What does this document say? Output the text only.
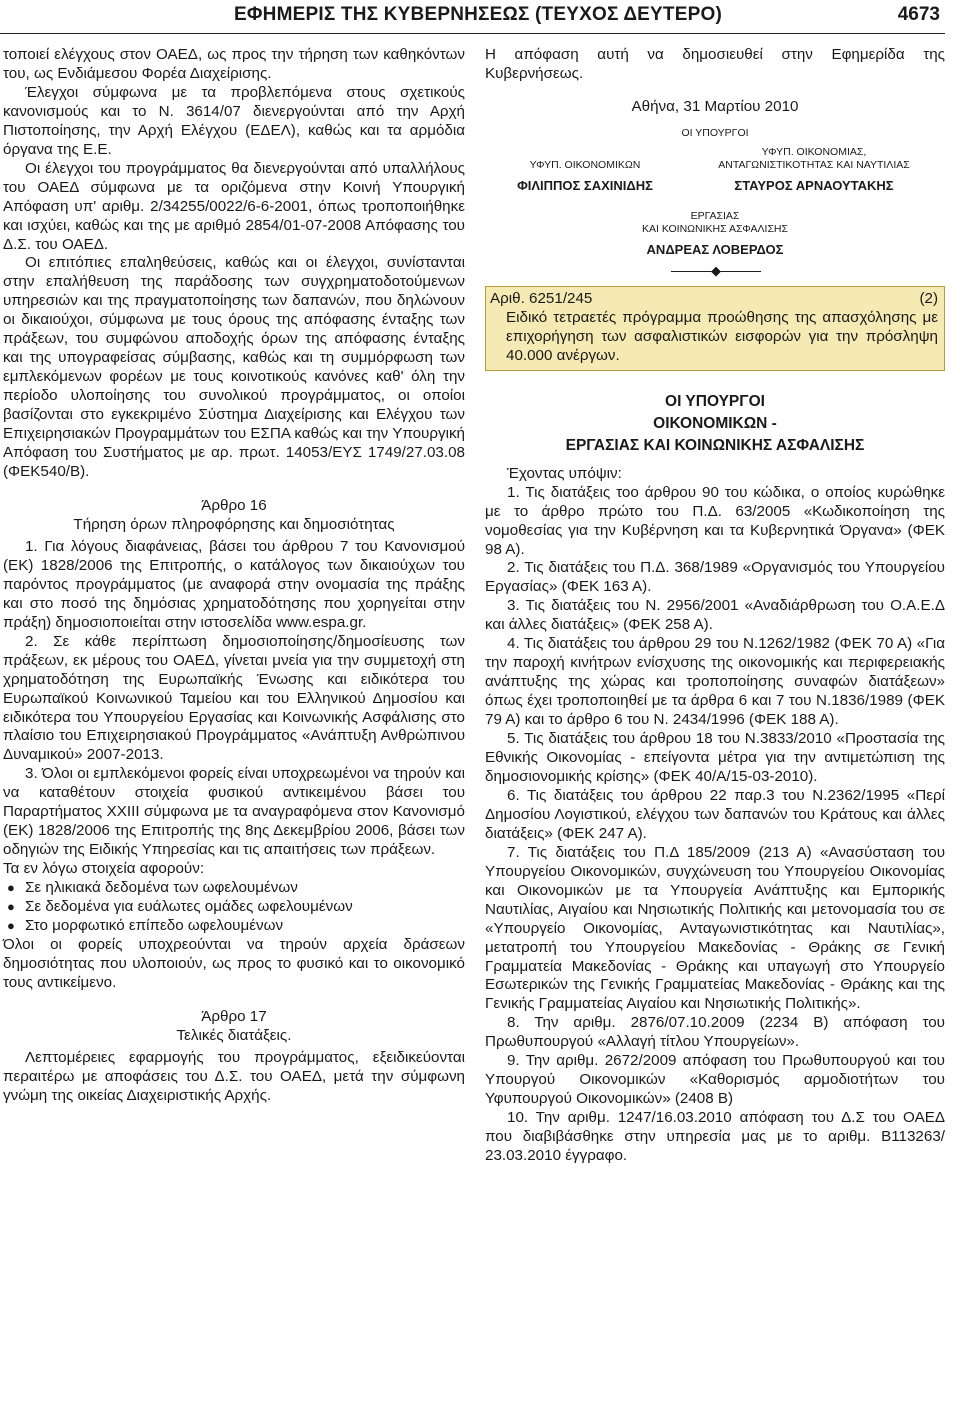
ΕΦΗΜΕΡΙΣ ΤΗΣ ΚΥΒΕΡΝΗΣΕΩΣ (ΤΕΥΧΟΣ ΔΕΥΤΕΡΟ)	4673

τοποιεί ελέγχους στον ΟΑΕΔ, ως προς την τήρηση των καθηκόντων του, ως Ενδιάμεσου Φορέα Διαχείρισης.

Έλεγχοι σύμφωνα με τα προβλεπόμενα στους σχετικούς κανονισμούς και το Ν. 3614/07 διενεργούνται από την Αρχή Πιστοποίησης, την Αρχή Ελέγχου (ΕΔΕΛ), καθώς και τα αρμόδια όργανα της Ε.Ε.

Οι έλεγχοι του προγράμματος θα διενεργούνται από υπαλλήλους του ΟΑΕΔ σύμφωνα με τα οριζόμενα στην Κοινή Υπουργική Απόφαση υπ' αριθμ. 2/34255/0022/6-6-2001, όπως τροποποιήθηκε και ισχύει, καθώς και της με αριθμό 2854/01-07-2008 Απόφασης του Δ.Σ. του ΟΑΕΔ.

Οι επιτόπιες επαληθεύσεις, καθώς και οι έλεγχοι, συνίστανται στην επαλήθευση της παράδοσης των συγχρηματοδοτούμενων υπηρεσιών και της πραγματοποίησης των δαπανών, που δηλώνουν οι δικαιούχοι, σύμφωνα με τους όρους της απόφασης ένταξης των πράξεων, του συμφώνου αποδοχής όρων της απόφασης ένταξης και της υπογραφείσας σύμβασης, καθώς και τη συμμόρφωση των εμπλεκόμενων φορέων με τους κοινοτικούς κανόνες καθ' όλη την περίοδο υλοποίησης του συνολικού προγράμματος, οι οποίοι βασίζονται στο εγκεκριμένο Σύστημα Διαχείρισης και Ελέγχου των Επιχειρησιακών Προγραμμάτων του ΕΣΠΑ καθώς και την Υπουργική Απόφαση του Συστήματος με αρ. πρωτ. 14053/ΕΥΣ 1749/27.03.08 (ΦΕΚ540/Β).

Άρθρο 16
Τήρηση όρων πληροφόρησης και δημοσιότητας

1. Για λόγους διαφάνειας, βάσει του άρθρου 7 του Κανονισμού (ΕΚ) 1828/2006 της Επιτροπής, ο κατάλογος των δικαιούχων του παρόντος προγράμματος (με αναφορά στην ονομασία της πράξης και στο ποσό της δημόσιας χρηματοδότησης που χορηγείται στην πράξη) δημοσιοποιείται στην ιστοσελίδα www.espa.gr.

2. Σε κάθε περίπτωση δημοσιοποίησης/δημοσίευσης των πράξεων, εκ μέρους του ΟΑΕΔ, γίνεται μνεία για την συμμετοχή στη χρηματοδότηση της Ευρωπαϊκής Ένωσης και ειδικότερα του Ευρωπαϊκού Κοινωνικού Ταμείου και του Ελληνικού Δημοσίου και ειδικότερα του Υπουργείου Εργασίας και Κοινωνικής Ασφάλισης στο πλαίσιο του Επιχειρησιακού Προγράμματος «Ανάπτυξη Ανθρώπινου Δυναμικού» 2007-2013.

3. Όλοι οι εμπλεκόμενοι φορείς είναι υποχρεωμένοι να τηρούν και να καταθέτουν στοιχεία φυσικού αντικειμένου βάσει του Παραρτήματος XXIII σύμφωνα με τα αναγραφόμενα στον Κανονισμό (ΕΚ) 1828/2006 της Επιτροπής της 8ης Δεκεμβρίου 2006, βάσει των οδηγιών της Ειδικής Υπηρεσίας και τις απαιτήσεις των πράξεων.

Τα εν λόγω στοιχεία αφορούν:

● Σε ηλικιακά δεδομένα των ωφελουμένων
● Σε δεδομένα για ευάλωτες ομάδες ωφελουμένων
● Στο μορφωτικό επίπεδο ωφελουμένων

Όλοι οι φορείς υποχρεούνται να τηρούν αρχεία δράσεων δημοσιότητας που υλοποιούν, ως προς το φυσικό και το οικονομικό τους αντικείμενο.

Άρθρο 17
Τελικές διατάξεις.

Λεπτομέρειες εφαρμογής του προγράμματος, εξειδικεύονται περαιτέρω με αποφάσεις του Δ.Σ. του ΟΑΕΔ, μετά την σύμφωνη γνώμη της οικείας Διαχειριστικής Αρχής.

Η απόφαση αυτή να δημοσιευθεί στην Εφημερίδα της Κυβερνήσεως.

Αθήνα, 31 Μαρτίου 2010
ΟΙ ΥΠΟΥΡΓΟΙ
ΥΦΥΠ. ΟΙΚΟΝΟΜΙΚΩΝ
ΦΙΛΙΠΠΟΣ ΣΑΧΙΝΙΔΗΣ
ΥΦΥΠ. ΟΙΚΟΝΟΜΙΑΣ,
ΑΝΤΑΓΩΝΙΣΤΙΚΟΤΗΤΑΣ ΚΑΙ ΝΑΥΤΙΛΙΑΣ
ΣΤΑΥΡΟΣ ΑΡΝΑΟΥΤΑΚΗΣ
ΕΡΓΑΣΙΑΣ
ΚΑΙ ΚΟΙΝΩΝΙΚΗΣ ΑΣΦΑΛΙΣΗΣ
ΑΝΔΡΕΑΣ ΛΟΒΕΡΔΟΣ
◆
Αριθ. 6251/245	(2)
Ειδικό τετραετές πρόγραμμα προώθησης της απασχόλησης με επιχορήγηση των ασφαλιστικών εισφορών για την πρόσληψη 40.000 ανέργων.
ΟΙ ΥΠΟΥΡΓΟΙ
ΟΙΚΟΝΟΜΙΚΩΝ -
ΕΡΓΑΣΙΑΣ ΚΑΙ ΚΟΙΝΩΝΙΚΗΣ ΑΣΦΑΛΙΣΗΣ

Έχοντας υπόψιν:

1. Τις διατάξεις τοο άρθρου 90 του κώδικα, ο οποίος κυρώθηκε με το άρθρο πρώτο του Π.Δ. 63/2005 «Κωδικοποίηση της νομοθεσίας για την Κυβέρνηση και τα Κυβερνητικά Όργανα» (ΦΕΚ 98 Α).

2. Τις διατάξεις του Π.Δ. 368/1989 «Οργανισμός του Υπουργείου Εργασίας» (ΦΕΚ 163 Α).

3. Τις διατάξεις του Ν. 2956/2001 «Αναδιάρθρωση του Ο.Α.Ε.Δ και άλλες διατάξεις» (ΦΕΚ 258 Α).

4. Τις διατάξεις του άρθρου 29 του Ν.1262/1982 (ΦΕΚ 70 Α) «Για την παροχή κινήτρων ενίσχυσης της οικονομικής και περιφερειακής ανάπτυξης της χώρας και τροποποίησης συναφών διατάξεων» όπως έχει τροποποιηθεί με τα άρθρα 6 και 7 του Ν.1836/1989 (ΦΕΚ 79 Α) και το άρθρο 6 του Ν. 2434/1996 (ΦΕΚ 188 Α).

5. Τις διατάξεις του άρθρου 18 του Ν.3833/2010 «Προστασία της Εθνικής Οικονομίας - επείγοντα μέτρα για την αντιμετώπιση της δημοσιονομικής κρίσης» (ΦΕΚ 40/Α/15-03-2010).

6. Τις διατάξεις του άρθρου 22 παρ.3 του Ν.2362/1995 «Περί Δημοσίου Λογιστικού, ελέγχου των δαπανών του Κράτους και άλλες διατάξεις» (ΦΕΚ 247 Α).

7. Τις διατάξεις του Π.Δ 185/2009 (213 Α) «Ανασύσταση του Υπουργείου Οικονομικών, συγχώνευση του Υπουργείου Οικονομίας και Οικονομικών με τα Υπουργεία Ανάπτυξης και Εμπορικής Ναυτιλίας, Αιγαίου και Νησιωτικής Πολιτικής και μετονομασία του σε «Υπουργείο Οικονομίας, Ανταγωνιστικότητας και Ναυτιλίας», μετατροπή του Υπουργείου Μακεδονίας - Θράκης σε Γενική Γραμματεία Μακεδονίας - Θράκης και υπαγωγή στο Υπουργείο Εσωτερικών της Γενικής Γραμματείας Μακεδονίας - Θράκης και της Γενικής Γραμματείας Αιγαίου και Νησιωτικής Πολιτικής».

8. Την αριθμ. 2876/07.10.2009 (2234 Β) απόφαση του Πρωθυπουργού «Αλλαγή τίτλου Υπουργείων».

9. Την αριθμ. 2672/2009 απόφαση του Πρωθυπουργού και του Υπουργού Οικονομικών «Καθορισμός αρμοδιοτήτων του Υφυπουργού Οικονομικών» (2408 Β)

10. Την αριθμ. 1247/16.03.2010 απόφαση του Δ.Σ του ΟΑΕΔ που διαβιβάσθηκε στην υπηρεσία μας με το αριθμ. Β113263/ 23.03.2010 έγγραφο.
